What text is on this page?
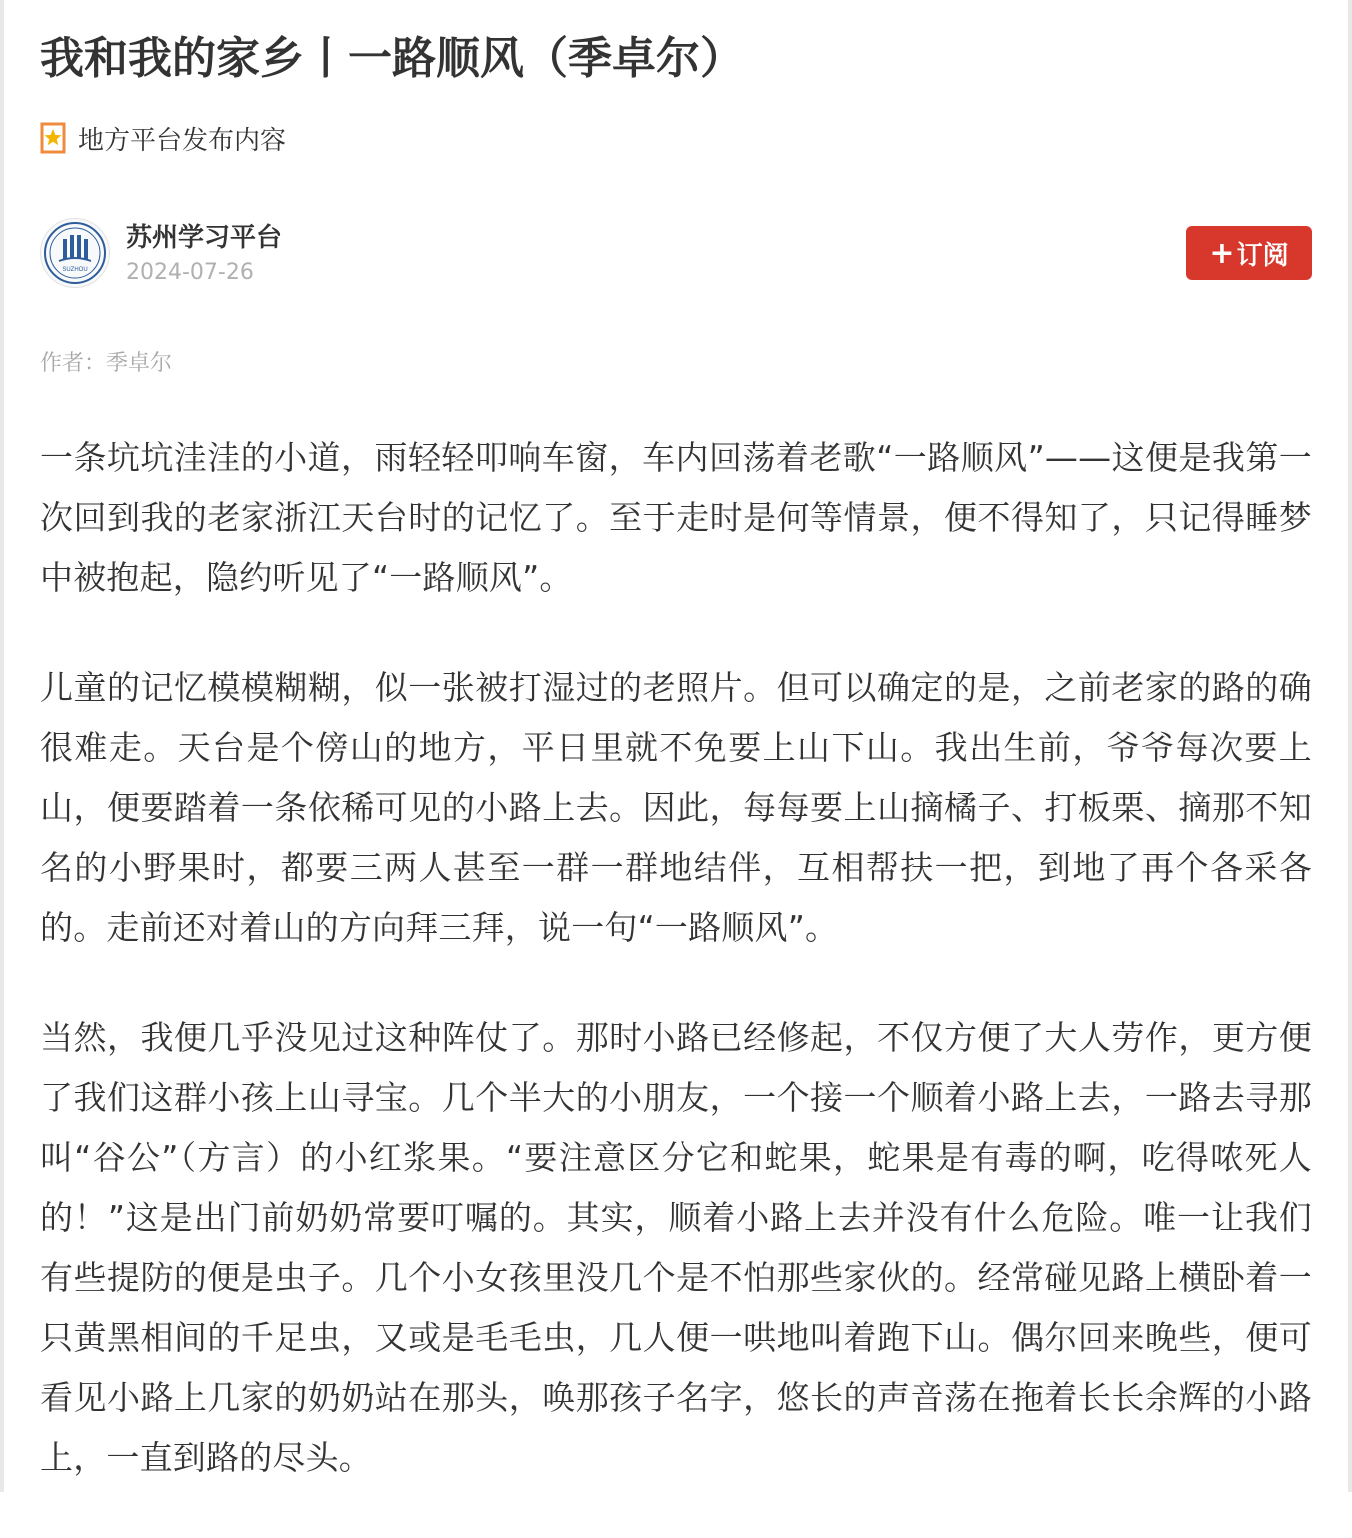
我和我的家乡丨一路顺风（季卓尔）
地方平台发布内容
SUZHOU
苏州学习平台
2024-07-26
+ 订阅
作者：季卓尔

一条坑坑洼洼的小道，雨轻轻叩响车窗，车内回荡着老歌“一路顺风”——这便是我第一次回到我的老家浙江天台时的记忆了。至于走时是何等情景，便不得知了，只记得睡梦中被抱起，隐约听见了“一路顺风”。

儿童的记忆模模糊糊，似一张被打湿过的老照片。但可以确定的是，之前老家的路的确很难走。天台是个傍山的地方，平日里就不免要上山下山。我出生前，爷爷每次要上山，便要踏着一条依稀可见的小路上去。因此，每每要上山摘橘子、打板栗、摘那不知名的小野果时，都要三两人甚至一群一群地结伴，互相帮扶一把，到地了再个各采各的。走前还对着山的方向拜三拜，说一句“一路顺风”。

当然，我便几乎没见过这种阵仗了。那时小路已经修起，不仅方便了大人劳作，更方便了我们这群小孩上山寻宝。几个半大的小朋友，一个接一个顺着小路上去，一路去寻那叫“谷公”（方言）的小红浆果。“要注意区分它和蛇果，蛇果是有毒的啊，吃得哝死人的！”这是出门前奶奶常要叮嘱的。其实，顺着小路上去并没有什么危险。唯一让我们有些提防的便是虫子。几个小女孩里没几个是不怕那些家伙的。经常碰见路上横卧着一只黄黑相间的千足虫，又或是毛毛虫，几人便一哄地叫着跑下山。偶尔回来晚些，便可看见小路上几家的奶奶站在那头，唤那孩子名字，悠长的声音荡在拖着长长余辉的小路上，一直到路的尽头。
